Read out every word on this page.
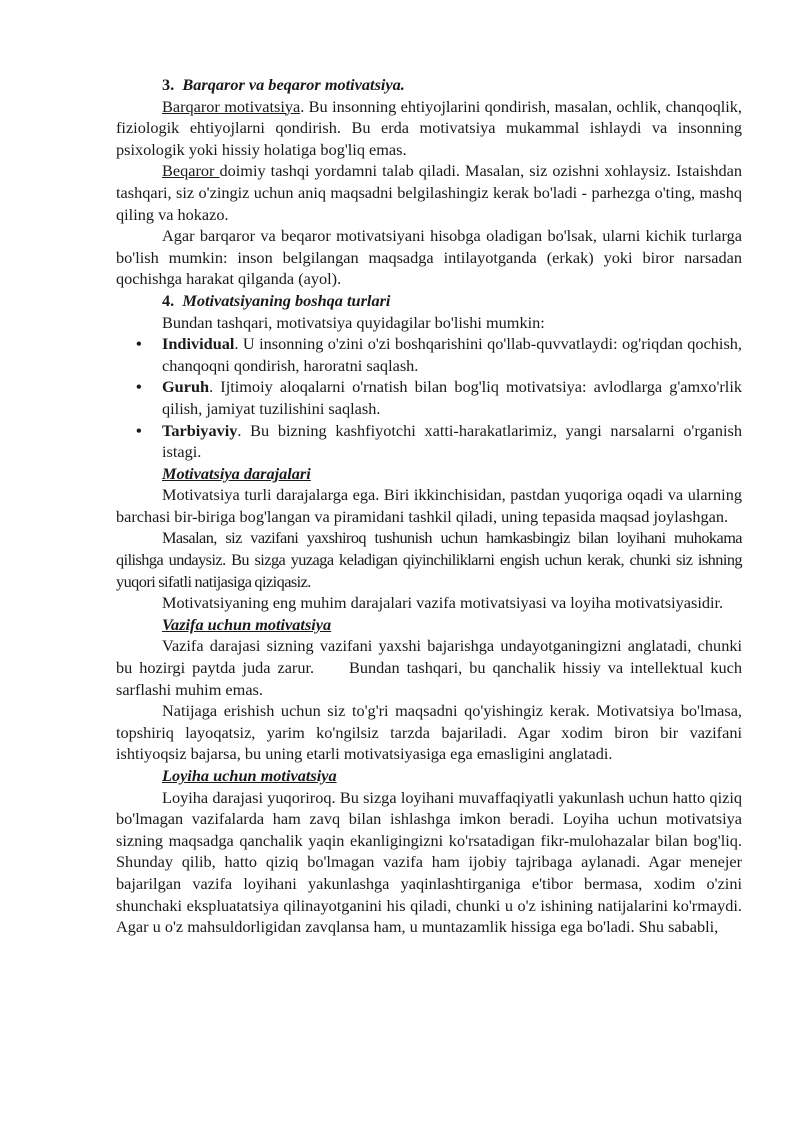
3. Barqaror va beqaror motivatsiya.

Barqaror motivatsiya. Bu insonning ehtiyojlarini qondirish, masalan, ochlik, chanqoqlik, fiziologik ehtiyojlarni qondirish. Bu erda motivatsiya mukammal ishlaydi va insonning psixologik yoki hissiy holatiga bog'liq emas.

Beqaror doimiy tashqi yordamni talab qiladi. Masalan, siz ozishni xohlaysiz. Istaishdan tashqari, siz o'zingiz uchun aniq maqsadni belgilashingiz kerak bo'ladi - parhezga o'ting, mashq qiling va hokazo.

Agar barqaror va beqaror motivatsiyani hisobga oladigan bo'lsak, ularni kichik turlarga bo'lish mumkin: inson belgilangan maqsadga intilayotganda (erkak) yoki biror narsadan qochishga harakat qilganda (ayol).

4. Motivatsiyaning boshqa turlari

Bundan tashqari, motivatsiya quyidagilar bo'lishi mumkin:

• Individual. U insonning o'zini o'zi boshqarishini qo'llab-quvvatlaydi: og'riqdan qochish, chanqoqni qondirish, haroratni saqlash.
• Guruh. Ijtimoiy aloqalarni o'rnatish bilan bog'liq motivatsiya: avlodlarga g'amxo'rlik qilish, jamiyat tuzilishini saqlash.
• Tarbiyaviy. Bu bizning kashfiyotchi xatti-harakatlarimiz, yangi narsalarni o'rganish istagi.

Motivatsiya darajalari

Motivatsiya turli darajalarga ega. Biri ikkinchisidan, pastdan yuqoriga oqadi va ularning barchasi bir-biriga bog'langan va piramidani tashkil qiladi, uning tepasida maqsad joylashgan.

Masalan, siz vazifani yaxshiroq tushunish uchun hamkasbingiz bilan loyihani muhokama qilishga undaysiz. Bu sizga yuzaga keladigan qiyinchiliklarni engish uchun kerak, chunki siz ishning yuqori sifatli natijasiga qiziqasiz.

Motivatsiyaning eng muhim darajalari vazifa motivatsiyasi va loyiha motivatsiyasidir.

Vazifa uchun motivatsiya

Vazifa darajasi sizning vazifani yaxshi bajarishga undayotganingizni anglatadi, chunki bu hozirgi paytda juda zarur.     Bundan tashqari, bu qanchalik hissiy va intellektual kuch sarflashi muhim emas.

Natijaga erishish uchun siz to'g'ri maqsadni qo'yishingiz kerak. Motivatsiya bo'lmasa, topshiriq layoqatsiz, yarim ko'ngilsiz tarzda bajariladi. Agar xodim biron bir vazifani ishtiyoqsiz bajarsa, bu uning etarli motivatsiyasiga ega emasligini anglatadi.

Loyiha uchun motivatsiya

Loyiha darajasi yuqoriroq. Bu sizga loyihani muvaffaqiyatli yakunlash uchun hatto qiziq bo'lmagan vazifalarda ham zavq bilan ishlashga imkon beradi. Loyiha uchun motivatsiya sizning maqsadga qanchalik yaqin ekanligingizni ko'rsatadigan fikr-mulohazalar bilan bog'liq. Shunday qilib, hatto qiziq bo'lmagan vazifa ham ijobiy tajribaga aylanadi. Agar menejer bajarilgan vazifa loyihani yakunlashga yaqinlashtirganiga e'tibor bermasa, xodim o'zini shunchaki ekspluatatsiya qilinayotganini his qiladi, chunki u o'z ishining natijalarini ko'rmaydi. Agar u o'z mahsuldorligidan zavqlansa ham, u muntazamlik hissiga ega bo'ladi. Shu sababli,
